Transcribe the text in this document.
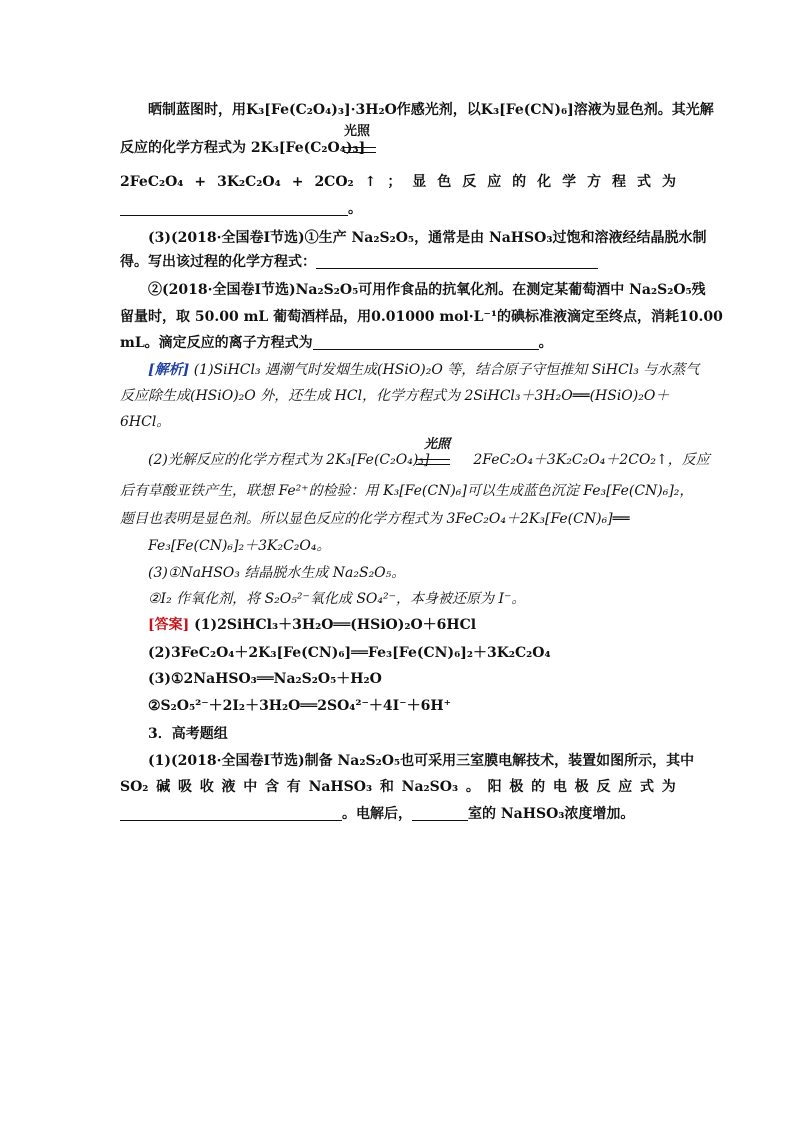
晒制蓝图时，用K₃[Fe(C₂O₄)₃]·3H₂O作感光剂，以K₃[Fe(CN)₆]溶液为显色剂。其光解
光照
反应的化学方程式为 2K₃[Fe(C₂O₄)₃]
2FeC₂O₄ + 3K₂C₂O₄ + 2CO₂ ↑ ； 显 色 反 应 的 化 学 方 程 式 为
。
(3)(2018·全国卷Ⅰ节选)①生产 Na₂S₂O₅，通常是由 NaHSO₃过饱和溶液经结晶脱水制
得。写出该过程的化学方程式：
②(2018·全国卷Ⅰ节选)Na₂S₂O₅可用作食品的抗氧化剂。在测定某葡萄酒中 Na₂S₂O₅残
留量时，取 50.00 mL 葡萄酒样品，用0.01000 mol·L⁻¹的碘标准液滴定至终点，消耗10.00
mL。滴定反应的离子方程式为	。
[解析] (1)SiHCl₃ 遇潮气时发烟生成(HSiO)₂O 等，结合原子守恒推知 SiHCl₃ 与水蒸气
反应除生成(HSiO)₂O 外，还生成 HCl，化学方程式为 2SiHCl₃＋3H₂O══(HSiO)₂O＋
6HCl。
光照
(2)光解反应的化学方程式为 2K₃[Fe(C₂O₄)₃]	2FeC₂O₄＋3K₂C₂O₄＋2CO₂↑，反应
后有草酸亚铁产生，联想 Fe²⁺的检验：用 K₃[Fe(CN)₆]可以生成蓝色沉淀 Fe₃[Fe(CN)₆]₂，
题目也表明是显色剂。所以显色反应的化学方程式为 3FeC₂O₄＋2K₃[Fe(CN)₆]══
Fe₃[Fe(CN)₆]₂＋3K₂C₂O₄。
(3)①NaHSO₃ 结晶脱水生成 Na₂S₂O₅。
②I₂ 作氧化剂，将 S₂O₅²⁻氧化成 SO₄²⁻，本身被还原为 I⁻。
[答案] (1)2SiHCl₃＋3H₂O══(HSiO)₂O＋6HCl
(2)3FeC₂O₄＋2K₃[Fe(CN)₆]══Fe₃[Fe(CN)₆]₂＋3K₂C₂O₄
(3)①2NaHSO₃══Na₂S₂O₅＋H₂O
②S₂O₅²⁻＋2I₂＋3H₂O══2SO₄²⁻＋4I⁻＋6H⁺
3．高考题组
(1)(2018·全国卷Ⅰ节选)制备 Na₂S₂O₅也可采用三室膜电解技术，装置如图所示，其中
SO₂ 碱 吸 收 液 中 含 有 NaHSO₃ 和 Na₂SO₃ 。 阳 极 的 电 极 反 应 式 为
。电解后，	室的 NaHSO₃浓度增加。
